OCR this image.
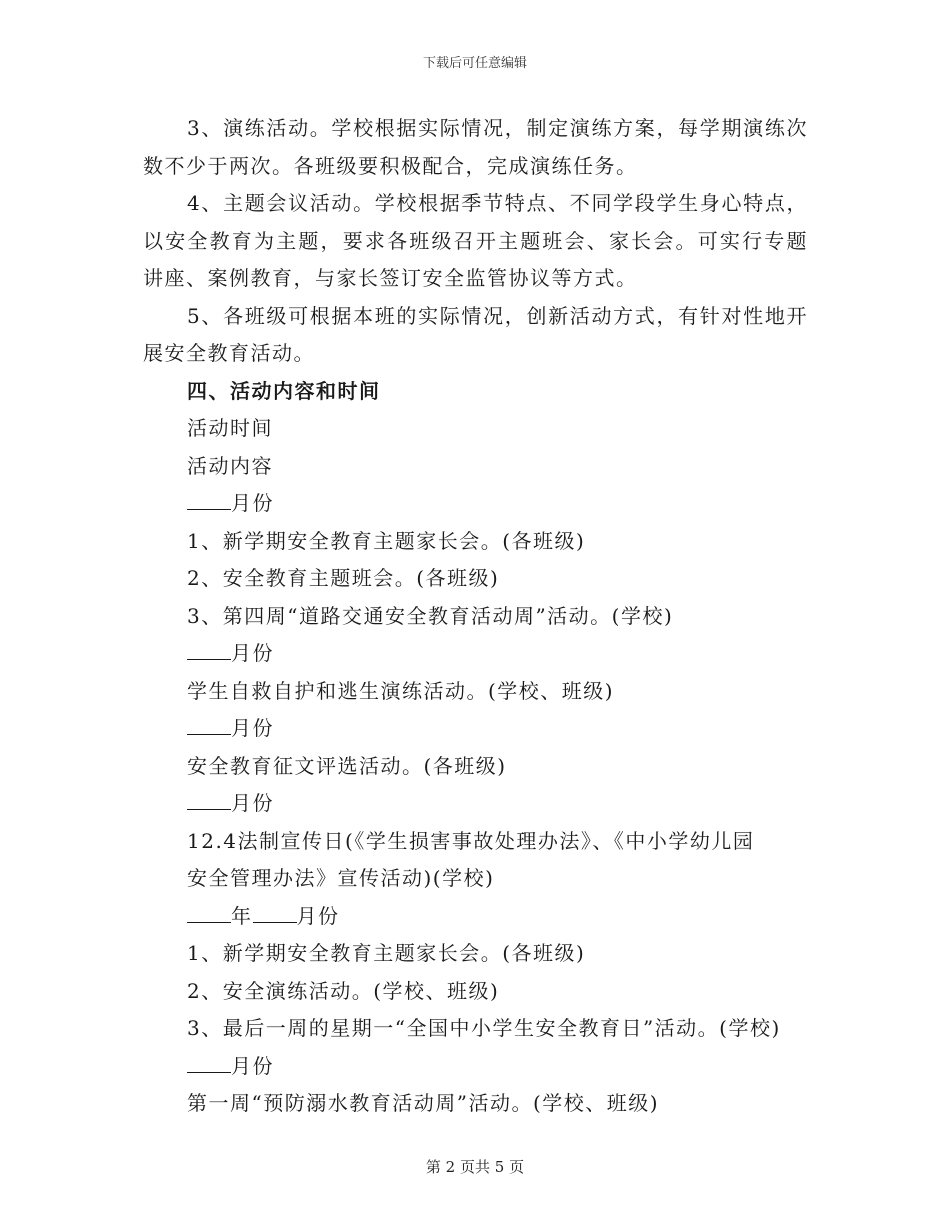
下载后可任意编辑

3、演练活动。学校根据实际情况，制定演练方案，每学期演练次数不少于两次。各班级要积极配合，完成演练任务。

4、主题会议活动。学校根据季节特点、不同学段学生身心特点，以安全教育为主题，要求各班级召开主题班会、家长会。可实行专题讲座、案例教育，与家长签订安全监管协议等方式。

5、各班级可根据本班的实际情况，创新活动方式，有针对性地开展安全教育活动。

四、活动内容和时间

活动时间

活动内容

月份

1、新学期安全教育主题家长会。(各班级)

2、安全教育主题班会。(各班级)

3、第四周“道路交通安全教育活动周”活动。(学校)

月份

学生自救自护和逃生演练活动。(学校、班级)

月份

安全教育征文评选活动。(各班级)

月份

12.4法制宣传日(《学生损害事故处理办法》、《中小学幼儿园

安全管理办法》宣传活动)(学校)

年 月份

1、新学期安全教育主题家长会。(各班级)

2、安全演练活动。(学校、班级)

3、最后一周的星期一“全国中小学生安全教育日”活动。(学校)

月份

第一周“预防溺水教育活动周”活动。(学校、班级)

第 2 页共 5 页
